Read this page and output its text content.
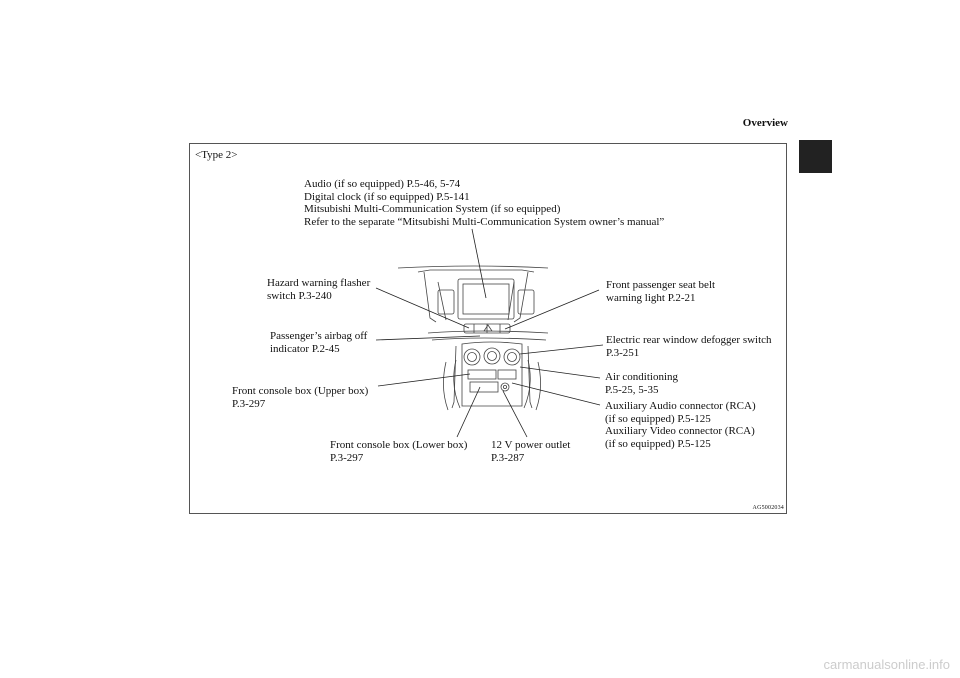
Overview
<Type 2>
Audio (if so equipped) P.5-46, 5-74
Digital clock (if so equipped) P.5-141
Mitsubishi Multi-Communication System (if so equipped)
Refer to the separate “Mitsubishi Multi-Communication System owner’s manual”
Hazard warning flasher
switch P.3-240
Front passenger seat belt
warning light P.2-21
Passenger’s airbag off
indicator P.2-45
Electric rear window defogger switch
P.3-251
Air conditioning
P.5-25, 5-35
Front console box (Upper box)
P.3-297	Auxiliary Audio connector (RCA)
(if so equipped) P.5-125
Auxiliary Video connector (RCA)
(if so equipped) P.5-125
Front console box (Lower box)
P.3-297
12 V power outlet
P.3-287
AG5002034
carmanualsonline.info
